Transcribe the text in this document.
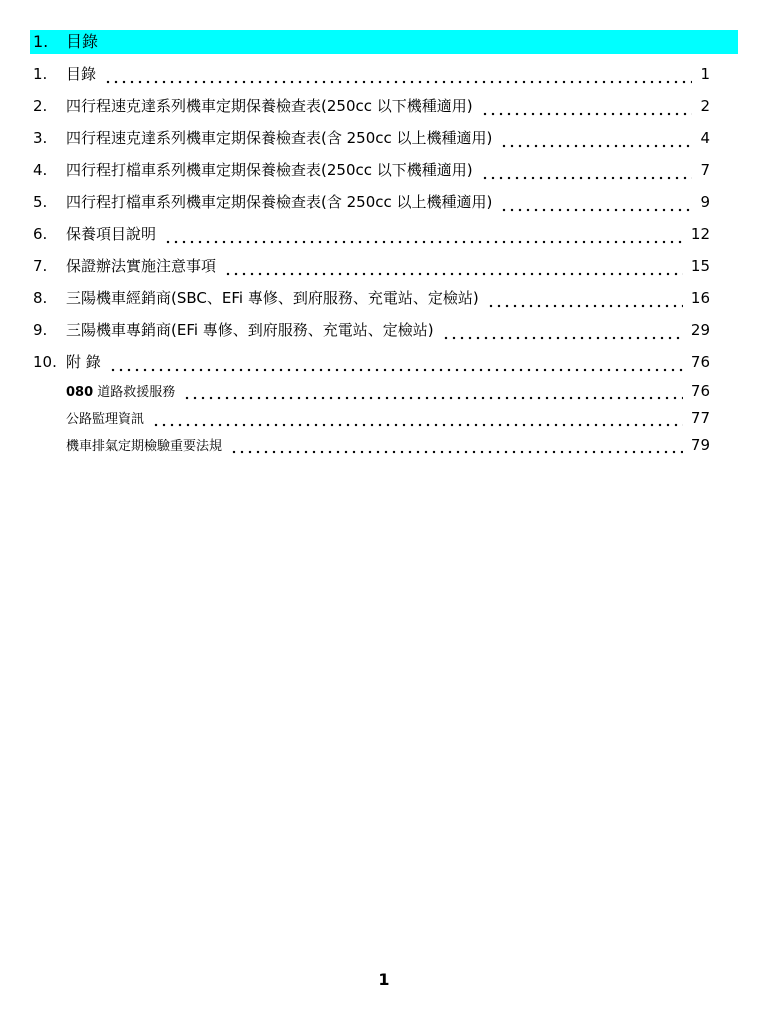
1. 目錄
1. 目錄	1
2. 四行程速克達系列機車定期保養檢查表(250cc 以下機種適用)	2
3. 四行程速克達系列機車定期保養檢查表(含 250cc 以上機種適用)	4
4. 四行程打檔車系列機車定期保養檢查表(250cc 以下機種適用)	7
5. 四行程打檔車系列機車定期保養檢查表(含 250cc 以上機種適用)	9
6. 保養項目說明	12
7. 保證辦法實施注意事項	15
8. 三陽機車經銷商(SBC、EFi 專修、到府服務、充電站、定檢站)	16
9. 三陽機車專銷商(EFi 專修、到府服務、充電站、定檢站)	29
10. 附 錄	76
080 道路救援服務	76
公路監理資訊	77
機車排氣定期檢驗重要法規	79
1
